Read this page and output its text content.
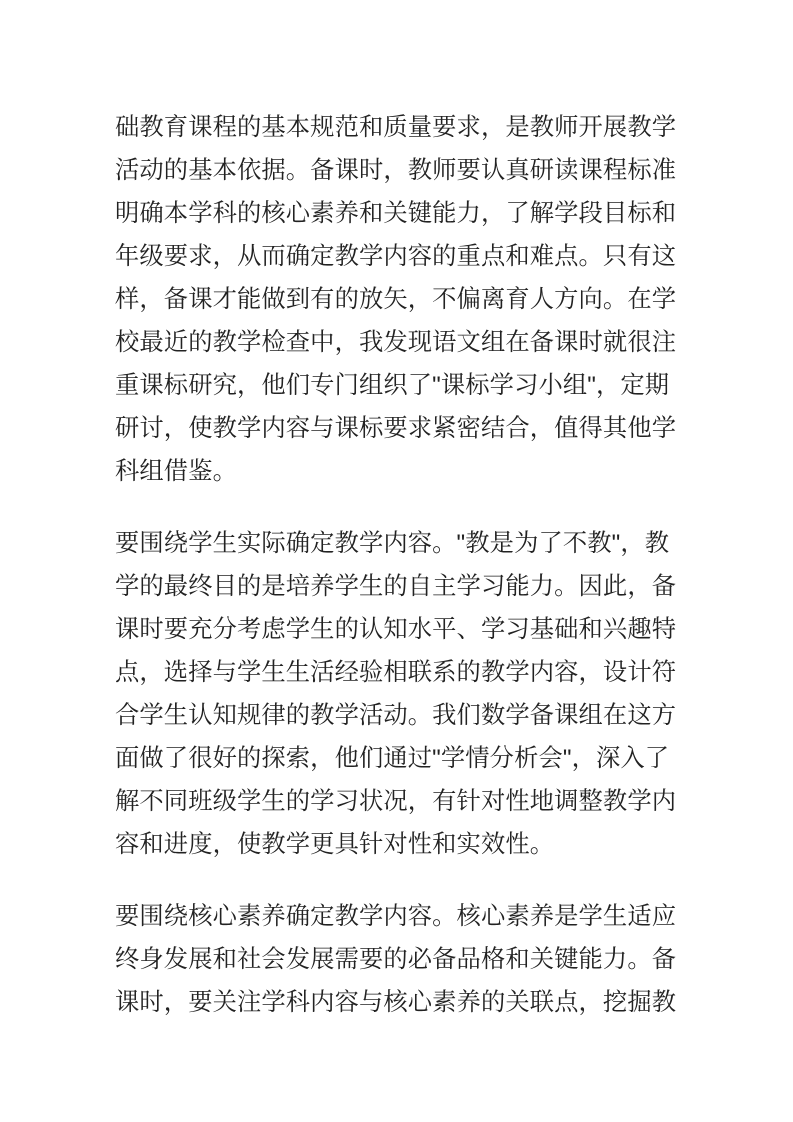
础教育课程的基本规范和质量要求，是教师开展教学
活动的基本依据。备课时，教师要认真研读课程标准
明确本学科的核心素养和关键能力，了解学段目标和
年级要求，从而确定教学内容的重点和难点。只有这
样，备课才能做到有的放矢，不偏离育人方向。在学
校最近的教学检查中，我发现语文组在备课时就很注
重课标研究，他们专门组织了"课标学习小组"，定期
研讨，使教学内容与课标要求紧密结合，值得其他学
科组借鉴。
要围绕学生实际确定教学内容。"教是为了不教"，教
学的最终目的是培养学生的自主学习能力。因此，备
课时要充分考虑学生的认知水平、学习基础和兴趣特
点，选择与学生生活经验相联系的教学内容，设计符
合学生认知规律的教学活动。我们数学备课组在这方
面做了很好的探索，他们通过"学情分析会"，深入了
解不同班级学生的学习状况，有针对性地调整教学内
容和进度，使教学更具针对性和实效性。
要围绕核心素养确定教学内容。核心素养是学生适应
终身发展和社会发展需要的必备品格和关键能力。备
课时，要关注学科内容与核心素养的关联点，挖掘教
